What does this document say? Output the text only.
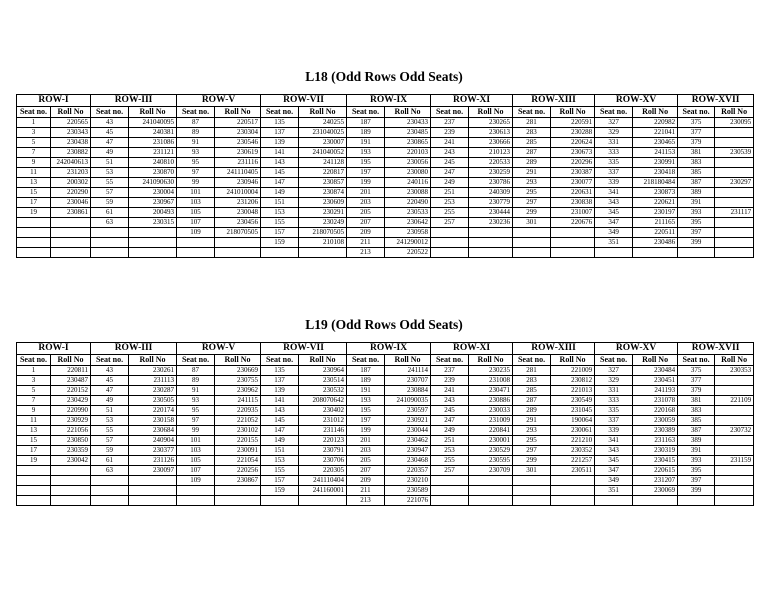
L18 (Odd Rows Odd Seats)
ROW-I		ROW-III		ROW-V		ROW-VII		ROW-IX		ROW-XI		ROW-XIII		ROW-XV		ROW-XVII	
Seat no.	Roll No	Seat no.	Roll No	Seat no.	Roll No	Seat no.	Roll No	Seat no.	Roll No	Seat no.	Roll No	Seat no.	Roll No	Seat no.	Roll No	Seat no.	Roll No
1	220565	43	241040095	87	220517	135	240255	187	230433	237	230265	281	220591	327	220982	375	230095
3	230343	45	240381	89	230304	137	231040025	189	230485	239	230613	283	230288	329	221041	377	
5	230438	47	231086	91	230546	139	230007	191	230865	241	230666	285	220624	331	230465	379	
7	230882	49	231121	93	230619	141	241040052	193	220103	243	210123	287	230673	333	241153	381	230539
9	242040613	51	240810	95	231116	143	241128	195	230056	245	220533	289	220296	335	230991	383	
11	231203	53	230870	97	241110405	145	220817	197	230080	247	230259	291	230387	337	230418	385	
13	200302	55	241090630	99	230946	147	230857	199	240116	249	230786	293	230077	339	218180484	387	230297
15	220290	57	230004	101	241010004	149	230874	201	230088	251	240309	295	220631	341	230873	389	
17	230046	59	230967	103	231206	151	230609	203	220490	253	230779	297	230838	343	220621	391	
19	230861	61	200493	105	230048	153	230291	205	230533	255	230444	299	231007	345	230197	393	231117
		63	230315	107	230456	155	230249	207	230642	257	230236	301	220676	347	211165	395	
				109	218070505	157	218070505	209	230958					349	220511	397	
						159	210108	211	241290012					351	230486	399	
								213	220522								
L19 (Odd Rows Odd Seats)
ROW-I		ROW-III		ROW-V		ROW-VII		ROW-IX		ROW-XI		ROW-XIII		ROW-XV		ROW-XVII	
Seat no.	Roll No	Seat no.	Roll No	Seat no.	Roll No	Seat no.	Roll No	Seat no.	Roll No	Seat no.	Roll No	Seat no.	Roll No	Seat no.	Roll No	Seat no.	Roll No
1	220811	43	230261	87	230669	135	230964	187	241114	237	230235	281	221009	327	230484	375	230353
3	230487	45	231113	89	230755	137	230514	189	230707	239	231008	283	230812	329	230451	377	
5	220152	47	230287	91	230962	139	230532	191	230884	241	230471	285	221013	331	241193	379	
7	230429	49	230505	93	241115	141	208070642	193	241090035	243	230886	287	230549	333	231078	381	221109
9	220990	51	220174	95	220935	143	230402	195	230597	245	230033	289	231045	335	220168	383	
11	230929	53	230158	97	221052	145	231012	197	230921	247	231009	291	190064	337	230059	385	
13	221056	55	230684	99	230102	147	231146	199	230044	249	220841	293	230061	339	230389	387	230732
15	230850	57	240904	101	220155	149	220123	201	230462	251	230001	295	221210	341	231163	389	
17	230359	59	230377	103	230091	151	230791	203	230947	253	230529	297	230352	343	230319	391	
19	230042	61	231126	105	221054	153	230706	205	230468	255	230595	299	221257	345	230415	393	231159
		63	230097	107	220256	155	220305	207	220357	257	230709	301	230511	347	220615	395	
				109	230867	157	241110404	209	230210					349	231207	397	
						159	241160001	211	230589					351	230069	399	
								213	221076								
